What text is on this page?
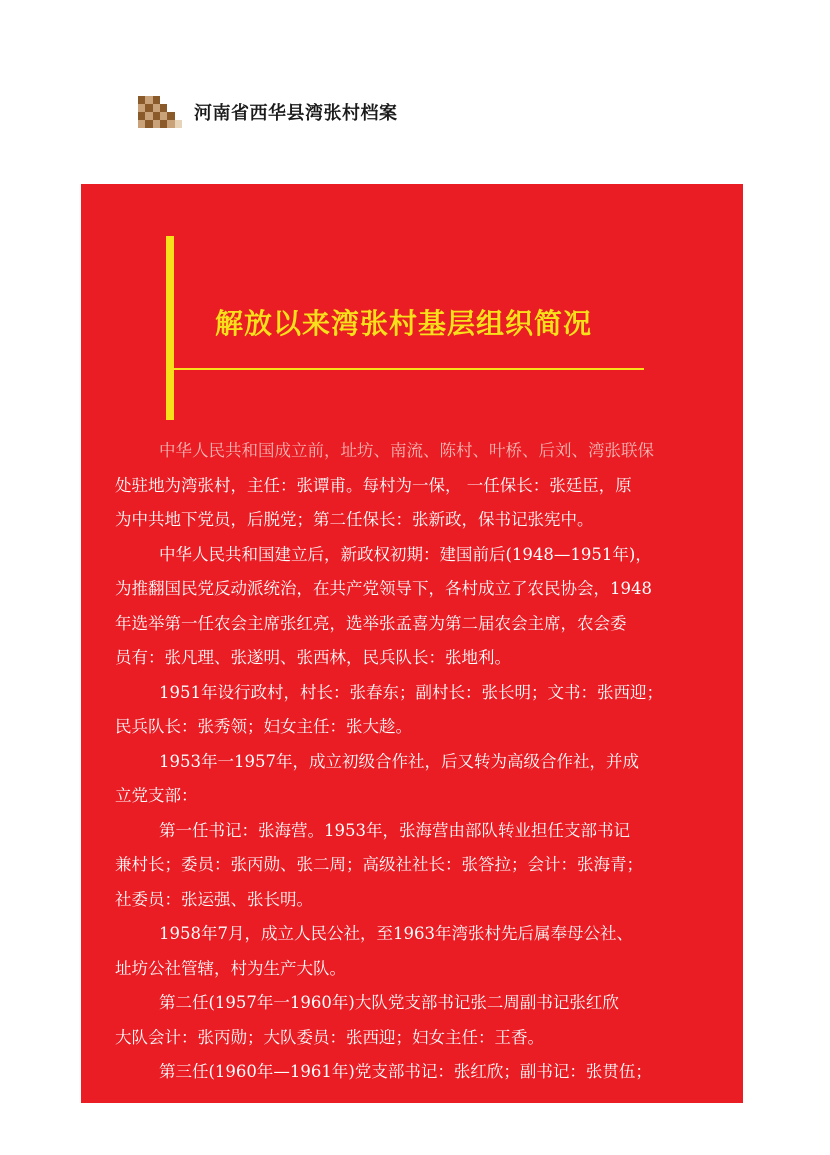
河南省西华县湾张村档案
解放以来湾张村基层组织简况
中华人民共和国成立前，址坊、南流、陈村、叶桥、后刘、湾张联保
处驻地为湾张村，主任：张谭甫。每村为一保， 一任保长：张廷臣，原
为中共地下党员，后脱党；第二任保长：张新政，保书记张宪中。
中华人民共和国建立后，新政权初期：建国前后(1948—1951年)，
为推翻国民党反动派统治，在共产党领导下，各村成立了农民协会，1948
年选举第一任农会主席张红亮，选举张孟喜为第二届农会主席，农会委
员有：张凡理、张遂明、张西林，民兵队长：张地利。
1951年设行政村，村长：张春东；副村长：张长明；文书：张西迎；
民兵队长：张秀领；妇女主任：张大趁。
1953年一1957年，成立初级合作社，后又转为高级合作社，并成
立党支部：
第一任书记：张海营。1953年，张海营由部队转业担任支部书记
兼村长；委员：张丙勋、张二周；高级社社长：张答拉；会计：张海青；
社委员：张运强、张长明。
1958年7月，成立人民公社，至1963年湾张村先后属奉母公社、
址坊公社管辖，村为生产大队。
第二任(1957年一1960年)大队党支部书记张二周副书记张红欣
大队会计：张丙勋；大队委员：张西迎；妇女主任：王香。
第三任(1960年—1961年)党支部书记：张红欣；副书记：张贯伍；
